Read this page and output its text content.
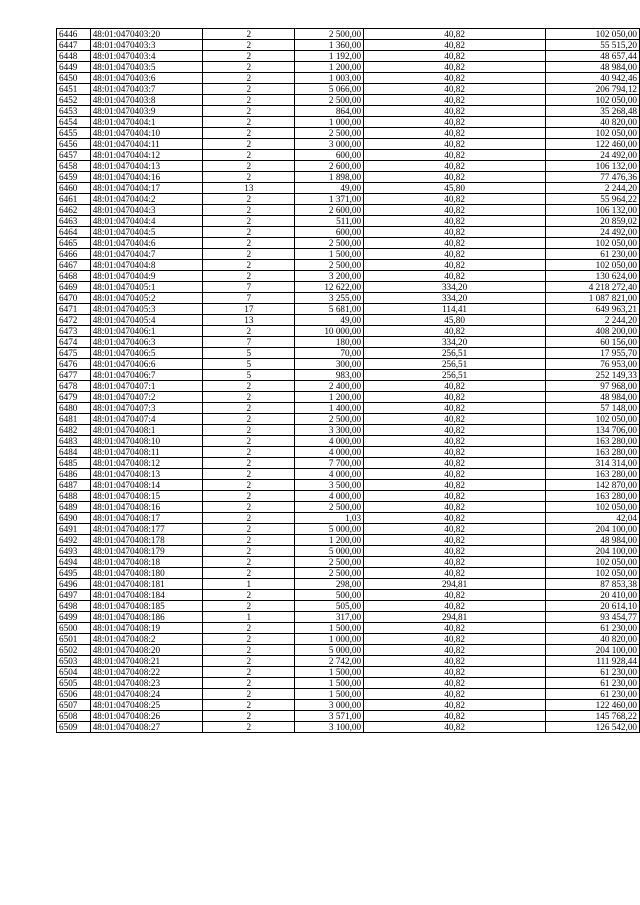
6446	48:01:0470403:20	2	2 500,00	40,82	102 050,00
6447	48:01:0470403:3	2	1 360,00	40,82	55 515,20
6448	48:01:0470403:4	2	1 192,00	40,82	48 657,44
6449	48:01:0470403:5	2	1 200,00	40,82	48 984,00
6450	48:01:0470403:6	2	1 003,00	40,82	40 942,46
6451	48:01:0470403:7	2	5 066,00	40,82	206 794,12
6452	48:01:0470403:8	2	2 500,00	40,82	102 050,00
6453	48:01:0470403:9	2	864,00	40,82	35 268,48
6454	48:01:0470404:1	2	1 000,00	40,82	40 820,00
6455	48:01:0470404:10	2	2 500,00	40,82	102 050,00
6456	48:01:0470404:11	2	3 000,00	40,82	122 460,00
6457	48:01:0470404:12	2	600,00	40,82	24 492,00
6458	48:01:0470404:13	2	2 600,00	40,82	106 132,00
6459	48:01:0470404:16	2	1 898,00	40,82	77 476,36
6460	48:01:0470404:17	13	49,00	45,80	2 244,20
6461	48:01:0470404:2	2	1 371,00	40,82	55 964,22
6462	48:01:0470404:3	2	2 600,00	40,82	106 132,00
6463	48:01:0470404:4	2	511,00	40,82	20 859,02
6464	48:01:0470404:5	2	600,00	40,82	24 492,00
6465	48:01:0470404:6	2	2 500,00	40,82	102 050,00
6466	48:01:0470404:7	2	1 500,00	40,82	61 230,00
6467	48:01:0470404:8	2	2 500,00	40,82	102 050,00
6468	48:01:0470404:9	2	3 200,00	40,82	130 624,00
6469	48:01:0470405:1	7	12 622,00	334,20	4 218 272,40
6470	48:01:0470405:2	7	3 255,00	334,20	1 087 821,00
6471	48:01:0470405:3	17	5 681,00	114,41	649 963,21
6472	48:01:0470405:4	13	49,00	45,80	2 244,20
6473	48:01:0470406:1	2	10 000,00	40,82	408 200,00
6474	48:01:0470406:3	7	180,00	334,20	60 156,00
6475	48:01:0470406:5	5	70,00	256,51	17 955,70
6476	48:01:0470406:6	5	300,00	256,51	76 953,00
6477	48:01:0470406:7	5	983,00	256,51	252 149,33
6478	48:01:0470407:1	2	2 400,00	40,82	97 968,00
6479	48:01:0470407:2	2	1 200,00	40,82	48 984,00
6480	48:01:0470407:3	2	1 400,00	40,82	57 148,00
6481	48:01:0470407:4	2	2 500,00	40,82	102 050,00
6482	48:01:0470408:1	2	3 300,00	40,82	134 706,00
6483	48:01:0470408:10	2	4 000,00	40,82	163 280,00
6484	48:01:0470408:11	2	4 000,00	40,82	163 280,00
6485	48:01:0470408:12	2	7 700,00	40,82	314 314,00
6486	48:01:0470408:13	2	4 000,00	40,82	163 280,00
6487	48:01:0470408:14	2	3 500,00	40,82	142 870,00
6488	48:01:0470408:15	2	4 000,00	40,82	163 280,00
6489	48:01:0470408:16	2	2 500,00	40,82	102 050,00
6490	48:01:0470408:17	2	1,03	40,82	42,04
6491	48:01:0470408:177	2	5 000,00	40,82	204 100,00
6492	48:01:0470408:178	2	1 200,00	40,82	48 984,00
6493	48:01:0470408:179	2	5 000,00	40,82	204 100,00
6494	48:01:0470408:18	2	2 500,00	40,82	102 050,00
6495	48:01:0470408:180	2	2 500,00	40,82	102 050,00
6496	48:01:0470408:181	1	298,00	294,81	87 853,38
6497	48:01:0470408:184	2	500,00	40,82	20 410,00
6498	48:01:0470408:185	2	505,00	40,82	20 614,10
6499	48:01:0470408:186	1	317,00	294,81	93 454,77
6500	48:01:0470408:19	2	1 500,00	40,82	61 230,00
6501	48:01:0470408:2	2	1 000,00	40,82	40 820,00
6502	48:01:0470408:20	2	5 000,00	40,82	204 100,00
6503	48:01:0470408:21	2	2 742,00	40,82	111 928,44
6504	48:01:0470408:22	2	1 500,00	40,82	61 230,00
6505	48:01:0470408:23	2	1 500,00	40,82	61 230,00
6506	48:01:0470408:24	2	1 500,00	40,82	61 230,00
6507	48:01:0470408:25	2	3 000,00	40,82	122 460,00
6508	48:01:0470408:26	2	3 571,00	40,82	145 768,22
6509	48:01:0470408:27	2	3 100,00	40,82	126 542,00
